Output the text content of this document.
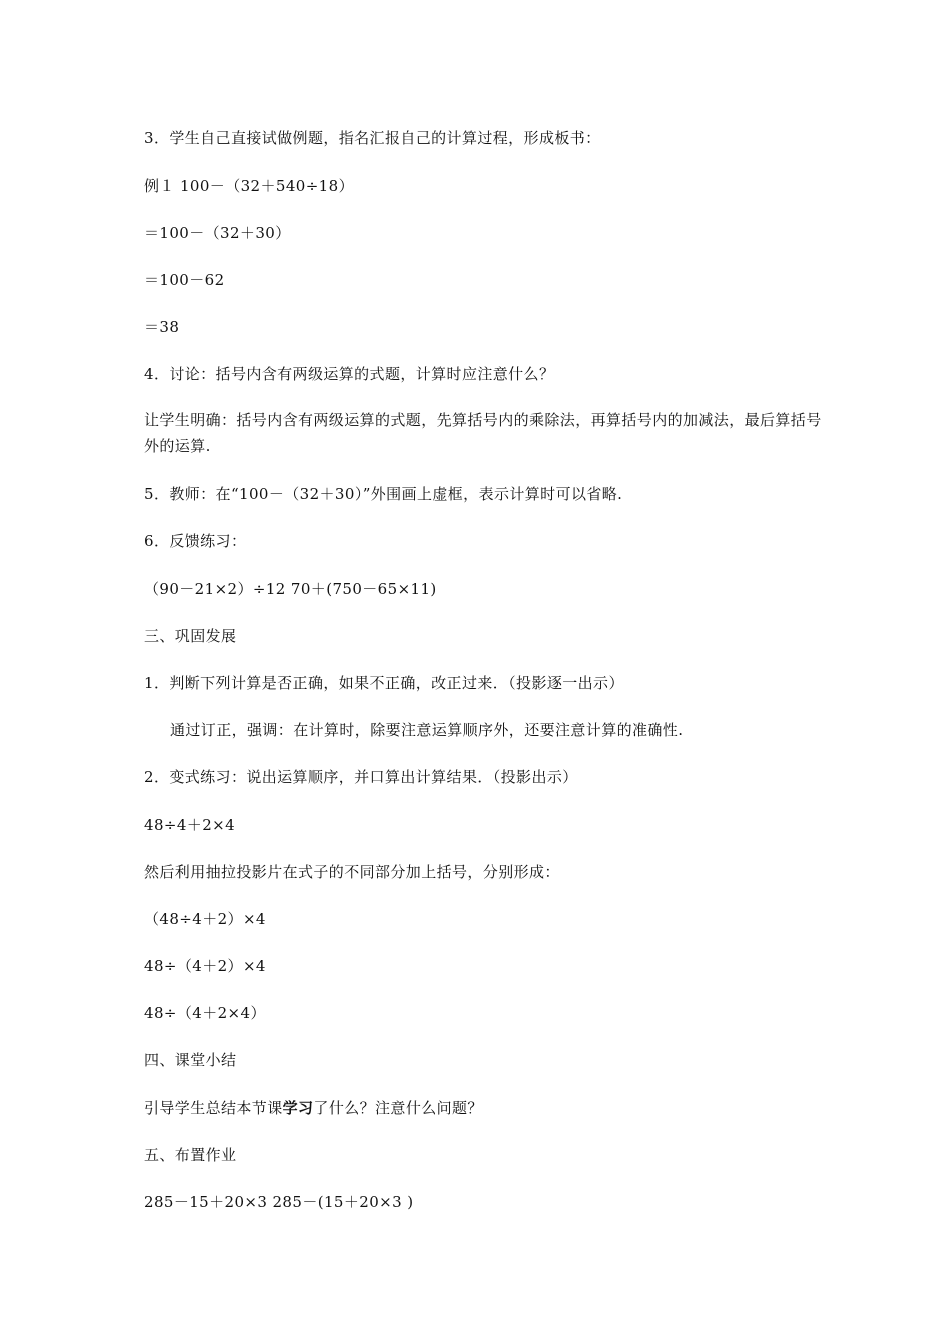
3．学生自己直接试做例题，指名汇报自己的计算过程，形成板书：
例１ 100－（32＋540÷18）
＝100－（32＋30）
＝100－62
＝38
4．讨论：括号内含有两级运算的式题，计算时应注意什么？
让学生明确：括号内含有两级运算的式题，先算括号内的乘除法，再算括号内的加减法，最后算括号外的运算.
5．教师：在“100－（32＋30）”外围画上虚框，表示计算时可以省略.
6．反馈练习：
（90－21×2）÷12 70＋(750－65×11)
三、巩固发展
1．判断下列计算是否正确，如果不正确，改正过来．（投影逐一出示）
通过订正，强调：在计算时，除要注意运算顺序外，还要注意计算的准确性.
2．变式练习：说出运算顺序，并口算出计算结果．（投影出示）
48÷4＋2×4
然后利用抽拉投影片在式子的不同部分加上括号，分别形成：
（48÷4＋2）×4
48÷（4＋2）×4
48÷（4＋2×4）
四、课堂小结
引导学生总结本节课学习了什么？注意什么问题？
五、布置作业
285－15＋20×3 285－(15＋20×3 )
